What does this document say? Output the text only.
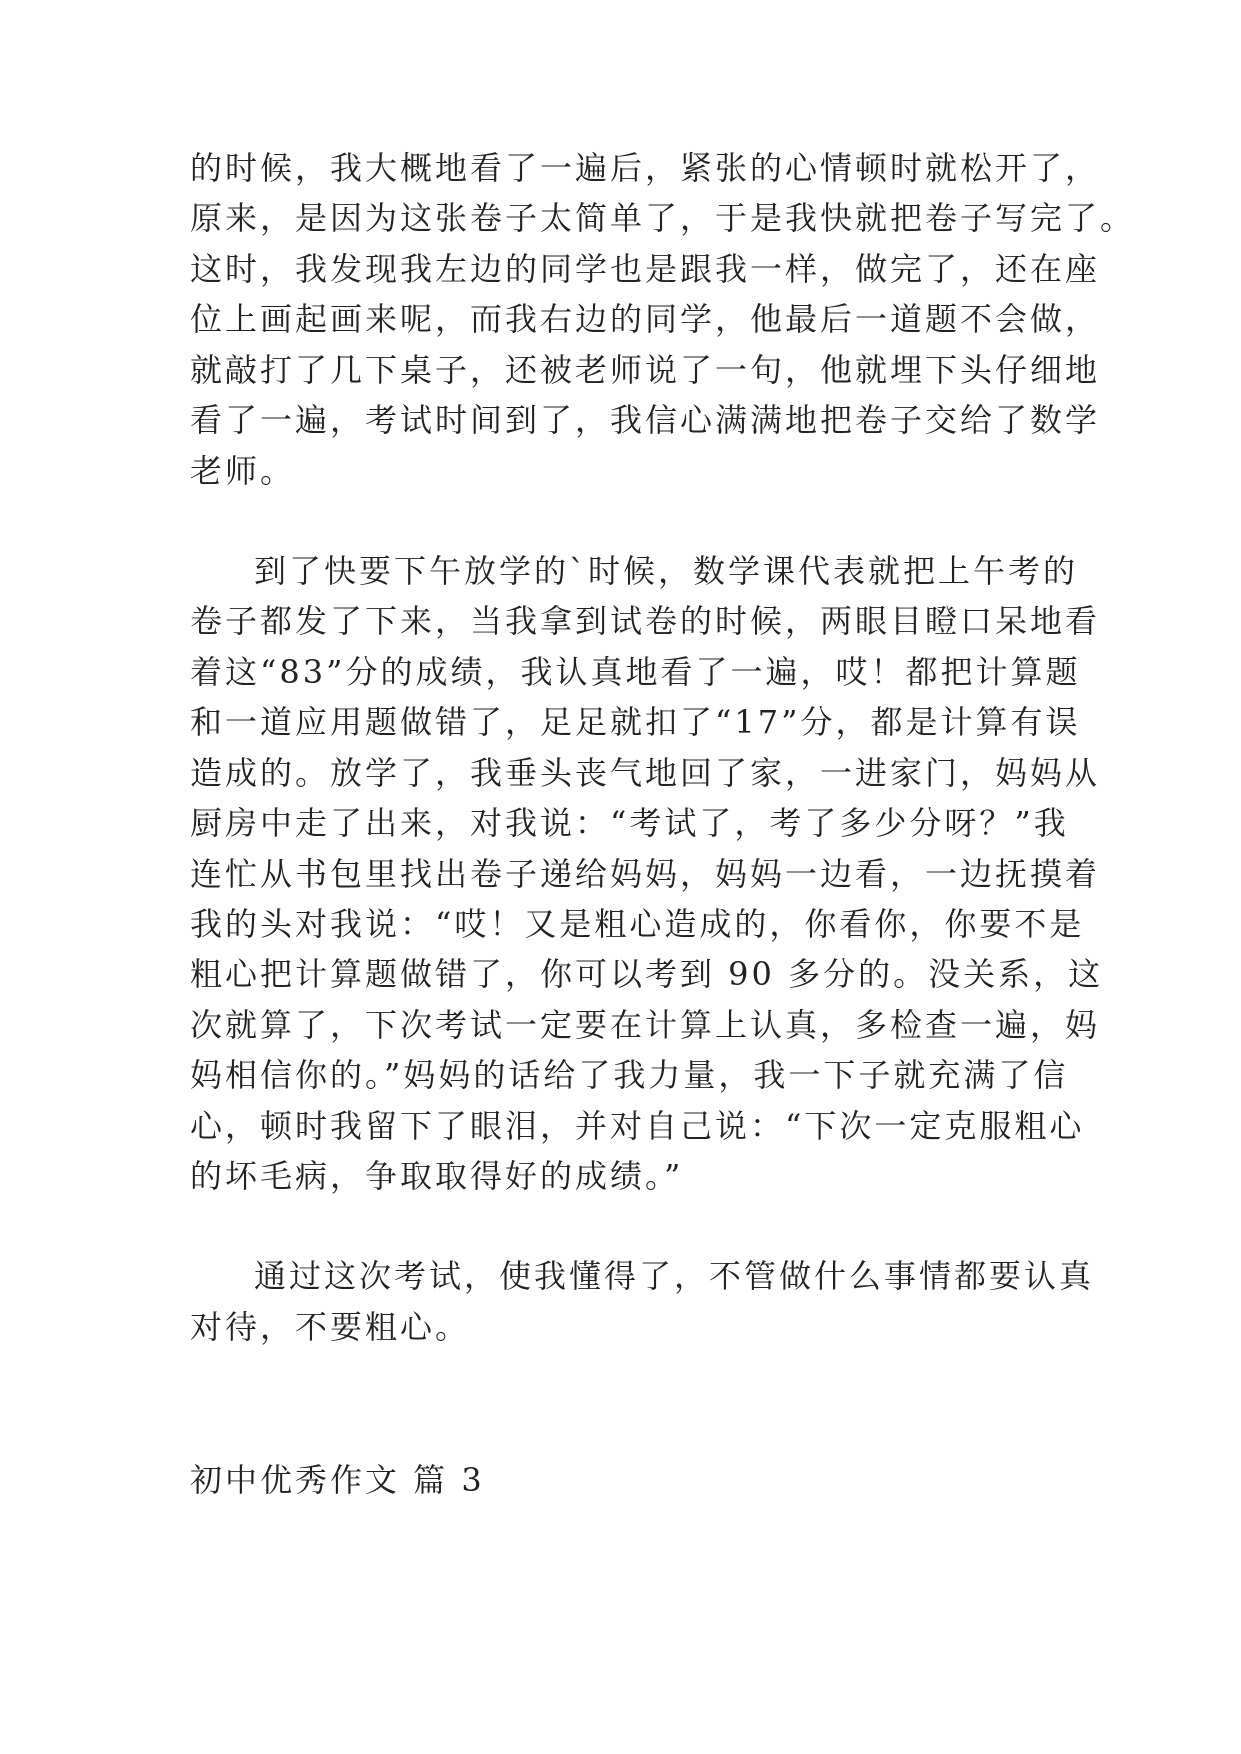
的时候，我大概地看了一遍后，紧张的心情顿时就松开了，
原来，是因为这张卷子太简单了，于是我快就把卷子写完了。
这时，我发现我左边的同学也是跟我一样，做完了，还在座
位上画起画来呢，而我右边的同学，他最后一道题不会做，
就敲打了几下桌子，还被老师说了一句，他就埋下头仔细地
看了一遍，考试时间到了，我信心满满地把卷子交给了数学
老师。
到了快要下午放学的`时候，数学课代表就把上午考的
卷子都发了下来，当我拿到试卷的时候，两眼目瞪口呆地看
着这“83”分的成绩，我认真地看了一遍，哎！都把计算题
和一道应用题做错了，足足就扣了“17”分，都是计算有误
造成的。放学了，我垂头丧气地回了家，一进家门，妈妈从
厨房中走了出来，对我说：“考试了，考了多少分呀？”我
连忙从书包里找出卷子递给妈妈，妈妈一边看，一边抚摸着
我的头对我说：“哎！又是粗心造成的，你看你，你要不是
粗心把计算题做错了，你可以考到 90 多分的。没关系，这
次就算了，下次考试一定要在计算上认真，多检查一遍，妈
妈相信你的。”妈妈的话给了我力量，我一下子就充满了信
心，顿时我留下了眼泪，并对自己说：“下次一定克服粗心
的坏毛病，争取取得好的成绩。”
通过这次考试，使我懂得了，不管做什么事情都要认真
对待，不要粗心。
初中优秀作文 篇 3
